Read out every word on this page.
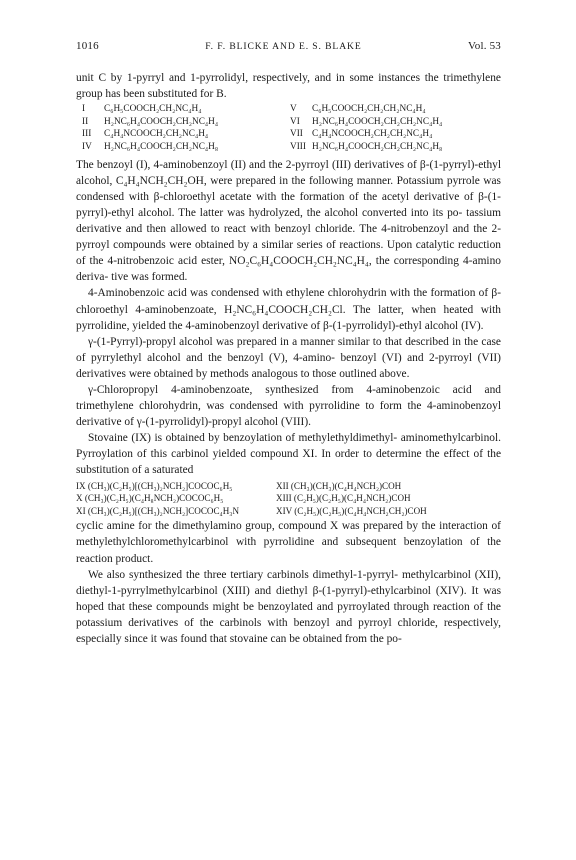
1016	F. F. BLICKE AND E. S. BLAKE	Vol. 53

unit C by 1-pyrryl and 1-pyrrolidyl, respectively, and in some instances the trimethylene group has been substituted for B.

I	C₆H₅COOCH₂CH₂NC₄H₄	V	C₆H₅COOCH₂CH₂CH₂NC₄H₄
II	H₂NC₆H₄COOCH₂CH₂NC₄H₄	VI	H₂NC₆H₄COOCH₂CH₂CH₂NC₄H₄
III	C₄H₄NCOOCH₂CH₂NC₄H₄	VII C₄H₄NCOOCH₂CH₂CH₂NC₄H₄
IV	H₂NC₆H₄COOCH₂CH₂NC₄H₈	VIII H₂NC₆H₄COOCH₂CH₂CH₂NC₄H₈

The benzoyl (I), 4-aminobenzoyl (II) and the 2-pyrroyl (III) derivatives of β-(1-pyrryl)-ethyl alcohol, C₄H₄NCH₂CH₂OH, were prepared in the following manner. Potassium pyrrole was condensed with β-chloroethyl acetate with the formation of the acetyl derivative of β-(1-pyrryl)-ethyl alcohol. The latter was hydrolyzed, the alcohol converted into its po- tassium derivative and then allowed to react with benzoyl chloride. The 4-nitrobenzoyl and the 2-pyrroyl compounds were obtained by a similar series of reactions. Upon catalytic reduction of the 4-nitrobenzoic acid ester, NO₂C₆H₄COOCH₂CH₂NC₄H₄, the corresponding 4-amino deriva- tive was formed.

4-Aminobenzoic acid was condensed with ethylene chlorohydrin with the formation of β-chloroethyl 4-aminobenzoate, H₂NC₆H₄COOCH₂CH₂Cl. The latter, when heated with pyrrolidine, yielded the 4-aminobenzoyl derivative of β-(1-pyrrolidyl)-ethyl alcohol (IV).

γ-(1-Pyrryl)-propyl alcohol was prepared in a manner similar to that described in the case of pyrrylethyl alcohol and the benzoyl (V), 4-amino- benzoyl (VI) and 2-pyrroyl (VII) derivatives were obtained by methods analogous to those outlined above.

γ-Chloropropyl 4-aminobenzoate, synthesized from 4-aminobenzoic acid and trimethylene chlorohydrin, was condensed with pyrrolidine to form the 4-aminobenzoyl derivative of γ-(1-pyrrolidyl)-propyl alcohol (VIII).

Stovaine (IX) is obtained by benzoylation of methylethyldimethyl- aminomethylcarbinol. Pyrroylation of this carbinol yielded compound XI. In order to determine the effect of the substitution of a saturated

IX (CH₃)(C₂H₅)[(CH₃)₂NCH₂]COCOC₆H₅	XII (CH₃)(CH₃)(C₄H₄NCH₂)COH
X (CH₃)(C₂H₅)(C₄H₈NCH₂)COCOC₆H₅	XIII (C₂H₅)(C₂H₅)(C₄H₄NCH₂)COH
XI (CH₃)(C₂H₅)[(CH₃)₂NCH₂]COCOC₄H₃N	XIV (C₂H₅)(C₂H₅)(C₄H₄NCH₂CH₂)COH

cyclic amine for the dimethylamino group, compound X was prepared by the interaction of methylethylchloromethylcarbinol with pyrrolidine and subsequent benzoylation of the reaction product.

We also synthesized the three tertiary carbinols dimethyl-1-pyrryl- methylcarbinol (XII), diethyl-1-pyrrylmethylcarbinol (XIII) and diethyl β-(1-pyrryl)-ethylcarbinol (XIV). It was hoped that these compounds might be benzoylated and pyrroylated through reaction of the potassium derivatives of the carbinols with benzoyl and pyrroyl chloride, respectively, especially since it was found that stovaine can be obtained from the po-
